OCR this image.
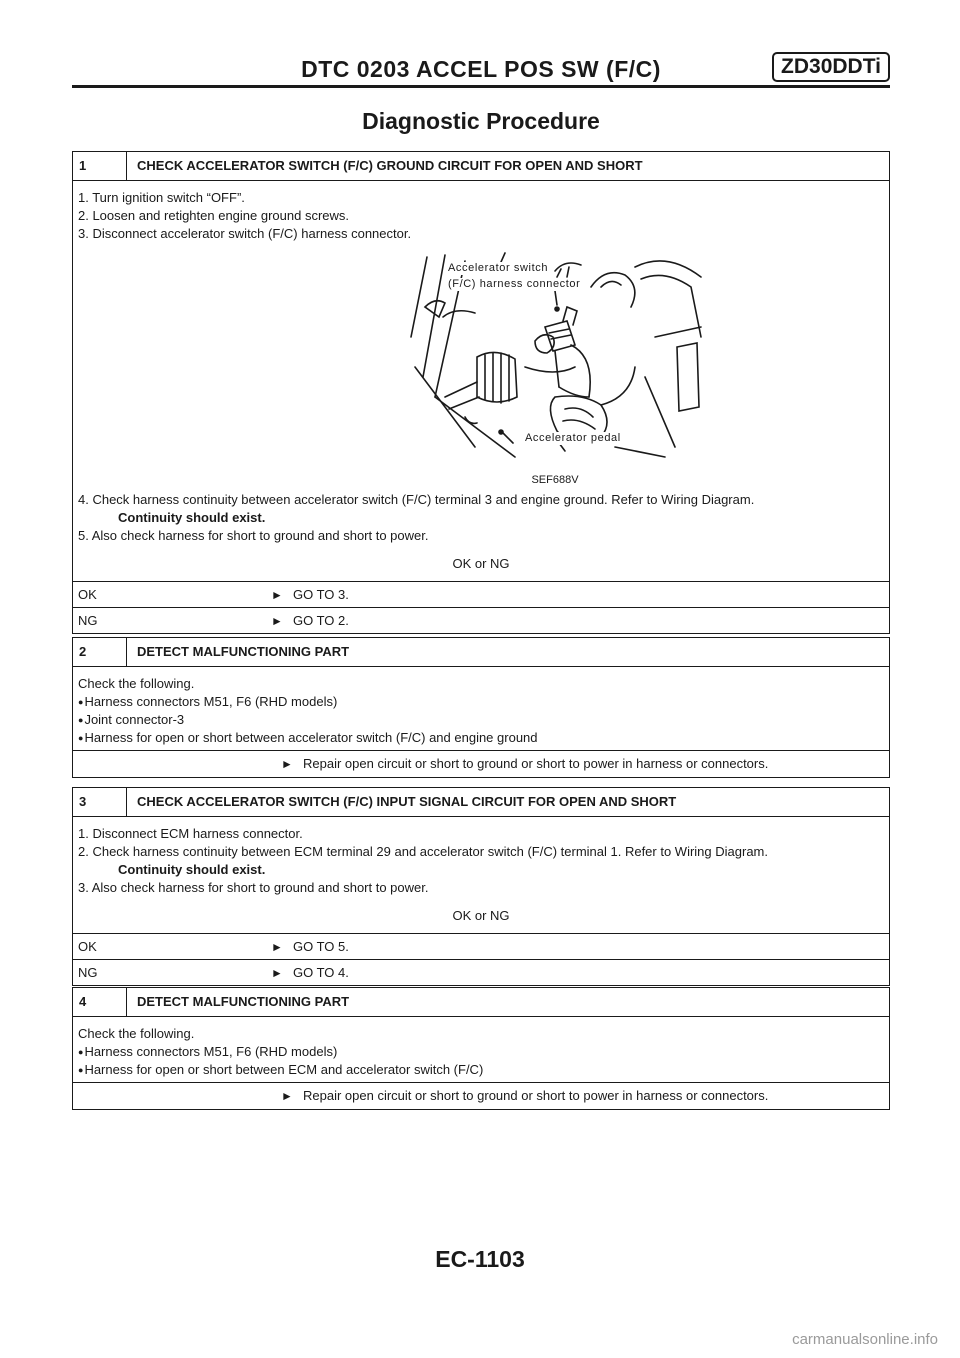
DTC 0203 ACCEL POS SW (F/C)	ZD30DDTi
Diagnostic Procedure
1	CHECK ACCELERATOR SWITCH (F/C) GROUND CIRCUIT FOR OPEN AND SHORT
1. Turn ignition switch “OFF”.
2. Loosen and retighten engine ground screws.
3. Disconnect accelerator switch (F/C) harness connector.
Accelerator switch
(F/C) harness connector
Accelerator pedal
SEF688V
4. Check harness continuity between accelerator switch (F/C) terminal 3 and engine ground. Refer to Wiring Diagram.
Continuity should exist.
5. Also check harness for short to ground and short to power.
OK or NG
OK	► GO TO 3.
NG	► GO TO 2.
2	DETECT MALFUNCTIONING PART
Check the following.
● Harness connectors M51, F6 (RHD models)
● Joint connector-3
● Harness for open or short between accelerator switch (F/C) and engine ground
► Repair open circuit or short to ground or short to power in harness or connectors.
3	CHECK ACCELERATOR SWITCH (F/C) INPUT SIGNAL CIRCUIT FOR OPEN AND SHORT
1. Disconnect ECM harness connector.
2. Check harness continuity between ECM terminal 29 and accelerator switch (F/C) terminal 1. Refer to Wiring Diagram.
Continuity should exist.
3. Also check harness for short to ground and short to power.
OK or NG
OK	► GO TO 5.
NG	► GO TO 4.
4	DETECT MALFUNCTIONING PART
Check the following.
● Harness connectors M51, F6 (RHD models)
● Harness for open or short between ECM and accelerator switch (F/C)
► Repair open circuit or short to ground or short to power in harness or connectors.
EC-1103
carmanualsonline.info
